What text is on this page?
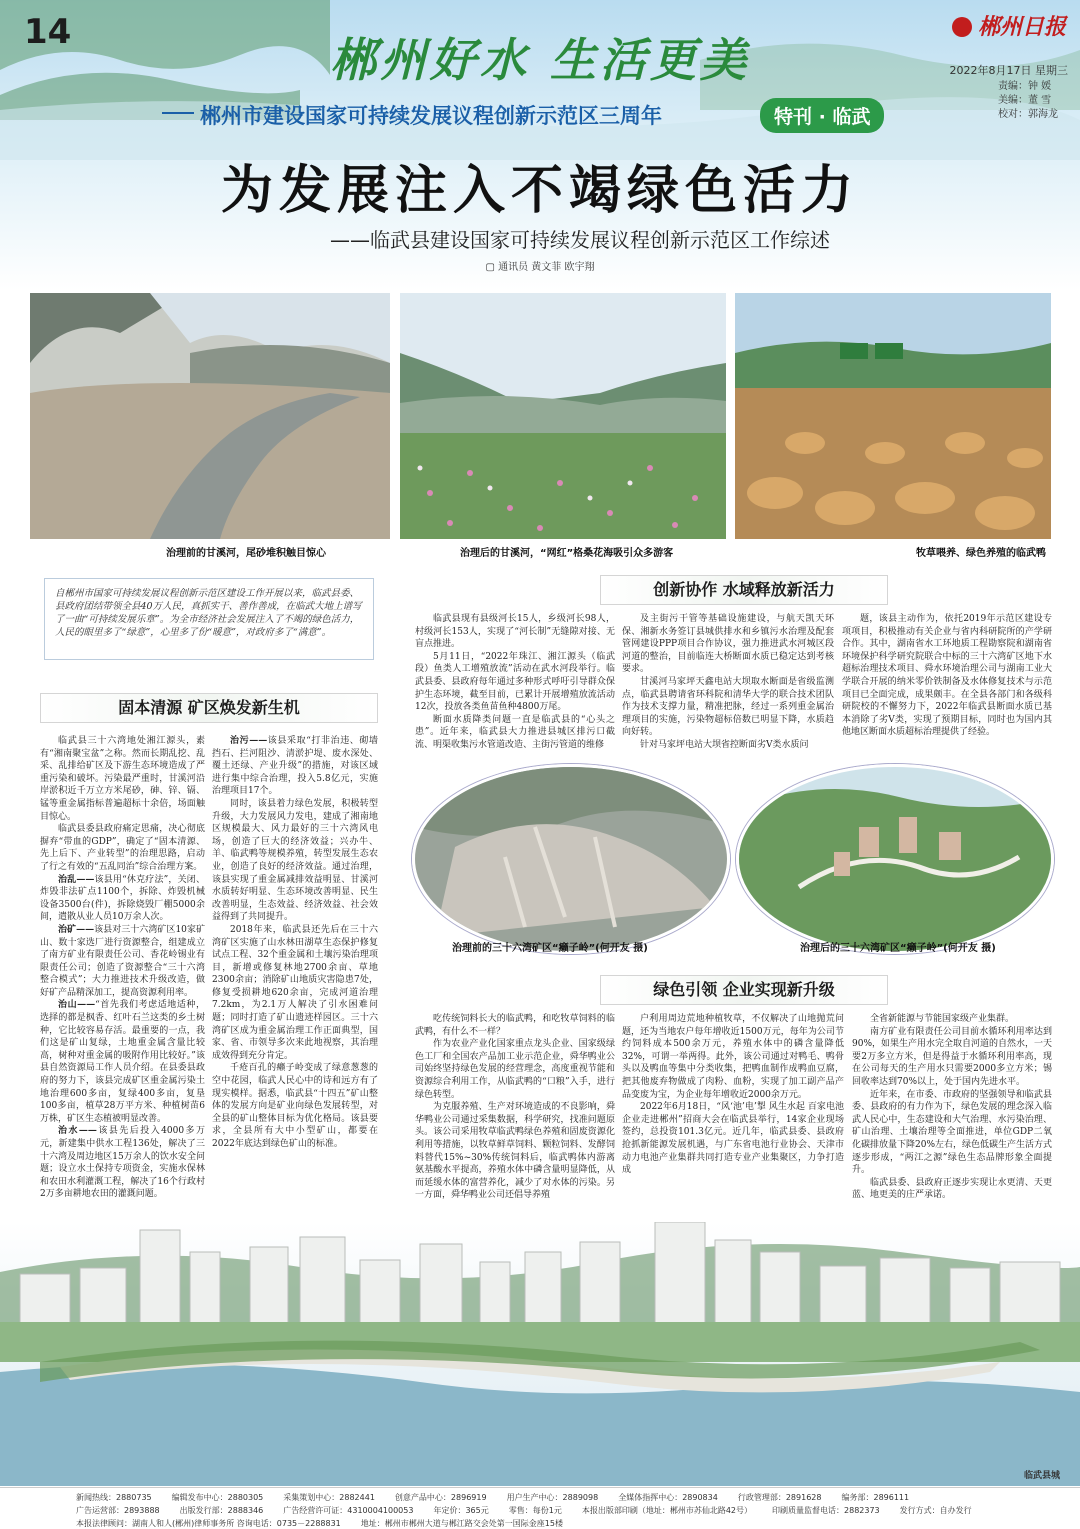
14
郴州好水 生活更美
郴州日报
2022年8月17日 星期三
责编：钟 媛
美编：董 雪
校对：郭海龙
郴州市建设国家可持续发展议程创新示范区三周年	特刊 · 临武
为发展注入不竭绿色活力
——临武县建设国家可持续发展议程创新示范区工作综述
▢ 通讯员 黄文菲 欧宇翔
治理前的甘溪河，尾砂堆积触目惊心	治理后的甘溪河，“网红”格桑花海吸引众多游客	牧草喂养、绿色养殖的临武鸭
自郴州市国家可持续发展议程创新示范区建设工作开展以来，临武县委、县政府团结带领全县40万人民，真抓实干、善作善成，在临武大地上谱写了一曲“可持续发展乐章”。为全市经济社会发展注入了不竭的绿色活力，人民的眼里多了“绿意”，心里多了份“暖意”，对政府多了“满意”。
固本清源 矿区焕发新生机
创新协作 水域释放新活力
绿色引领 企业实现新升级

临武县三十六湾地处湘江源头，素有“湘南聚宝盆”之称。然而长期乱挖、乱采、乱排给矿区及下游生态环境造成了严重污染和破坏。污染最严重时，甘溪河沿岸淤积近千万立方米尾砂，砷、锌、镉、锰等重金属指标普遍超标十余倍，场面触目惊心。

临武县委县政府痛定思痛，决心彻底摒弃“带血的GDP”，确定了“固本清源、先上后下、产业转型”的治理思路，启动了行之有效的“五乱同治”综合治理方案。

治乱——该县用“休克疗法”，关闭、炸毁非法矿点1100个，拆除、炸毁机械设备3500台(件)，拆除烧毁厂棚5000余间，遣散从业人员10万余人次。

治矿——该县对三十六湾矿区10家矿山、数十家选厂进行资源整合，组建成立了南方矿业有限责任公司、香花岭锡业有限责任公司；创造了资源整合“三十六湾整合模式”；大力推进技术升级改造，做好矿产品精深加工，提高资源利用率。

治山——“首先我们考虑适地适种，选择的都是枫香、红叶石兰这类的乡土树种，它比较容易存活。最重要的一点，我们这是矿山复绿，土地重金属含量比较高，树种对重金属的吸附作用比较好。”该县自然资源局工作人员介绍。在县委县政府的努力下，该县完成矿区重金属污染土地治理600多亩，复绿400多亩，复垦100多亩，植草28万平方米、种植树苗6万株，矿区生态植被明显改善。

治水——该县先后投入4000多万元，新建集中供水工程136处，解决了三十六湾及周边地区15万余人的饮水安全问题；设立水土保持专项资金，实施水保林和农田水利灌溉工程，解决了16个行政村2万多亩耕地农田的灌溉问题。

治污——该县采取“打非治违、砌墙挡石、拦河阻沙、清淤护堤、废水深处、覆土还绿、产业升级”的措施，对该区域进行集中综合治理，投入5.8亿元，实施治理项目17个。

同时，该县着力绿色发展，积极转型升级，大力发展风力发电，建成了湘南地区规模最大、风力最好的三十六湾风电场，创造了巨大的经济效益；兴办牛、羊、临武鸭等规模养殖，转型发展生态农业，创造了良好的经济效益。通过治理，该县实现了重金属减排效益明显、甘溪河水质转好明显、生态环境改善明显、民生改善明显，生态效益、经济效益、社会效益得到了共同提升。

2018年来，临武县还先后在三十六湾矿区实施了山水林田湖草生态保护修复试点工程、32个重金属和土壤污染治理项目，新增或修复林地2700余亩、草地2300余亩；消除矿山地质灾害隐患7处，修复受损耕地620余亩，完成河道治理7.2km，为2.1万人解决了引水困难问题；同时打造了矿山遗迹样园区。三十六湾矿区成为重金属治理工作正面典型，国家、省、市领导多次来此地视察，其治理成效得到充分肯定。

千疮百孔的癞子岭变成了绿意葱葱的空中花园，临武人民心中的诗和远方有了现实模样。据悉，临武县“十四五”矿山整体的发展方向是矿业向绿色发展转型，对全县的矿山整体目标为优化格局。该县要求，全县所有大中小型矿山，都要在2022年底达到绿色矿山的标准。

临武县现有县级河长15人，乡级河长98人，村级河长153人，实现了“河长制”无缝隙对接、无盲点推进。

5月11日，“2022年珠江、湘江源头（临武段）鱼类人工增殖放流”活动在武水河段举行。临武县委、县政府每年通过多种形式呼吁引导群众保护生态环境，截至目前，已累计开展增殖放流活动12次，投放各类鱼苗鱼种4800万尾。

断面水质降类问题一直是临武县的“心头之患”。近年来，临武县大力推进县城区排污口截流、明渠收集污水管道改造、主街污管道的维修

及主街污干管等基础设施建设，与航天凯天环保、湘新水务签订县城供排水和乡镇污水治理及配套管网建设PPP项目合作协议，强力推进武水河城区段河道的整治，目前临连大桥断面水质已稳定达到考核要求。

甘溪河马家坪天鑫电站大坝取水断面是省级监测点，临武县聘请省环科院和清华大学的联合技术团队作为技术支撑力量，精准把脉，经过一系列重金属治理项目的实施，污染物超标倍数已明显下降，水质趋向好转。

针对马家坪电站大坝省控断面劣Ⅴ类水质问

题，该县主动作为，依托2019年示范区建设专项项目，积极推动有关企业与省内科研院所的产学研合作。其中，湖南省水工环地质工程勘察院和湖南省环境保护科学研究院联合中标的三十六湾矿区地下水超标治理技术项目、舜水环境治理公司与湖南工业大学联合开展的纳米零价铁制备及水体修复技术与示范项目已全面完成，成果颇丰。在全县各部门和各级科研院校的不懈努力下，2022年临武县断面水质已基本消除了劣Ⅴ类，实现了预期目标，同时也为国内其他地区断面水质超标治理提供了经验。

治理前的三十六湾矿区“癞子岭”(何开友 摄)	治理后的三十六湾矿区“癞子岭”(何开友 摄)

吃传统饲料长大的临武鸭，和吃牧草饲料的临武鸭，有什么不一样？

作为农业产业化国家重点龙头企业、国家级绿色工厂和全国农产品加工业示范企业，舜华鸭业公司始终坚持绿色发展的经营理念，高度重视节能和资源综合利用工作，从临武鸭的“口粮”入手，进行绿色转型。

为克服养殖、生产对环境造成的不良影响，舜华鸭业公司通过采集数据，科学研究，找准问题原头。该公司采用牧草临武鸭绿色养殖和固废资源化利用等措施，以牧草鲜草饲料、颗粒饲料、发酵饲料替代15%~30%传统饲料后，临武鸭体内游离氨基酸水平提高，养殖水体中磷含量明显降低，从而延缓水体的富营养化，减少了对水体的污染。另一方面，舜华鸭业公司还倡导养殖

户利用周边荒地种植牧草，不仅解决了山地抛荒问题，还为当地农户每年增收近1500万元，每年为公司节约饲料成本500余万元，养殖水体中的磷含量降低32%，可谓一举两得。此外，该公司通过对鸭毛、鸭骨头以及鸭血等集中分类收集，把鸭血制作成鸭血豆腐，把其他废弃物做成了肉粉、血粉，实现了加工副产品产品变废为宝，为企业每年增收近2000余万元。

2022年6月18日，“风‘池’电’掣 风生水起 百家电池企业走进郴州”招商大会在临武县举行，14家企业现场签约，总投资101.3亿元。近几年，临武县委、县政府抢抓新能源发展机遇，与广东省电池行业协会、天津市动力电池产业集群共同打造专业产业集聚区，力争打造成

全省新能源与节能国家级产业集群。

南方矿业有限责任公司目前水循环利用率达到90%，如果生产用水完全取自河道的自然水，一天要2万多立方米，但是得益于水循环利用率高，现在公司每天的生产用水只需要2000多立方米；锡回收率达到70%以上，处于国内先进水平。

近年来，在市委、市政府的坚强领导和临武县委、县政府的有力作为下，绿色发展的理念深入临武人民心中，生态建设和大气治理、水污染治理、矿山治理、土壤治理等全面推进，单位GDP二氧化碳排放量下降20%左右，绿色低碳生产生活方式逐步形成，“两江之源”绿色生态品牌形象全面提升。

临武县委、县政府正逐步实现让水更清、天更蓝、地更美的庄严承诺。

临武县城
新闻热线：2880735	编辑发布中心：2880305	采集策划中心：2882441	创意产品中心：2896919	用户生产中心：2889098	全媒体指挥中心：2890834	行政管理部：2891628	编务部：2896111
广告运营部：2893888	出版发行部：2888346	广告经营许可证：4310004100053	年定价：365元	零售：每份1元	本报出版部印刷（地址：郴州市苏仙北路42号）	印刷质量监督电话：2882373	发行方式：自办发行
本报法律顾问：湖南人和人(郴州)律师事务所 咨询电话：0735－2288831	地址：郴州市郴州大道与郴江路交会处第一国际金座15楼
